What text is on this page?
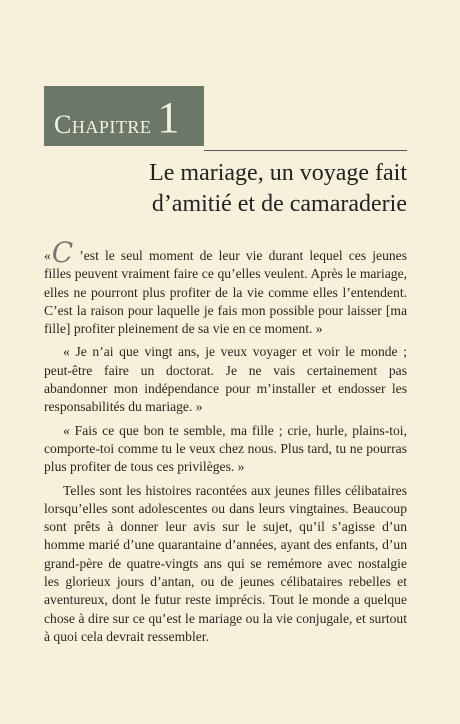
Chapitre 1
Le mariage, un voyage fait
d’amitié et de camaraderie

«C ’est le seul moment de leur vie durant lequel ces jeunes filles peuvent vraiment faire ce qu’elles veulent. Après le mariage, elles ne pourront plus profiter de la vie comme elles l’entendent. C’est la raison pour laquelle je fais mon possible pour laisser [ma fille] profiter pleinement de sa vie en ce moment. »

« Je n’ai que vingt ans, je veux voyager et voir le monde ; peut-être faire un doctorat. Je ne vais certainement pas abandonner mon indépendance pour m’installer et endosser les responsabilités du mariage. »

« Fais ce que bon te semble, ma fille ; crie, hurle, plains-toi, comporte-toi comme tu le veux chez nous. Plus tard, tu ne pourras plus profiter de tous ces privilèges. »

Telles sont les histoires racontées aux jeunes filles célibataires lorsqu’elles sont adolescentes ou dans leurs vingtaines. Beaucoup sont prêts à donner leur avis sur le sujet, qu’il s’agisse d’un homme marié d’une quarantaine d’années, ayant des enfants, d’un grand-père de quatre-vingts ans qui se remémore avec nostalgie les glorieux jours d’antan, ou de jeunes célibataires rebelles et aventureux, dont le futur reste imprécis. Tout le monde a quelque chose à dire sur ce qu’est le mariage ou la vie conjugale, et surtout à quoi cela devrait ressembler.
